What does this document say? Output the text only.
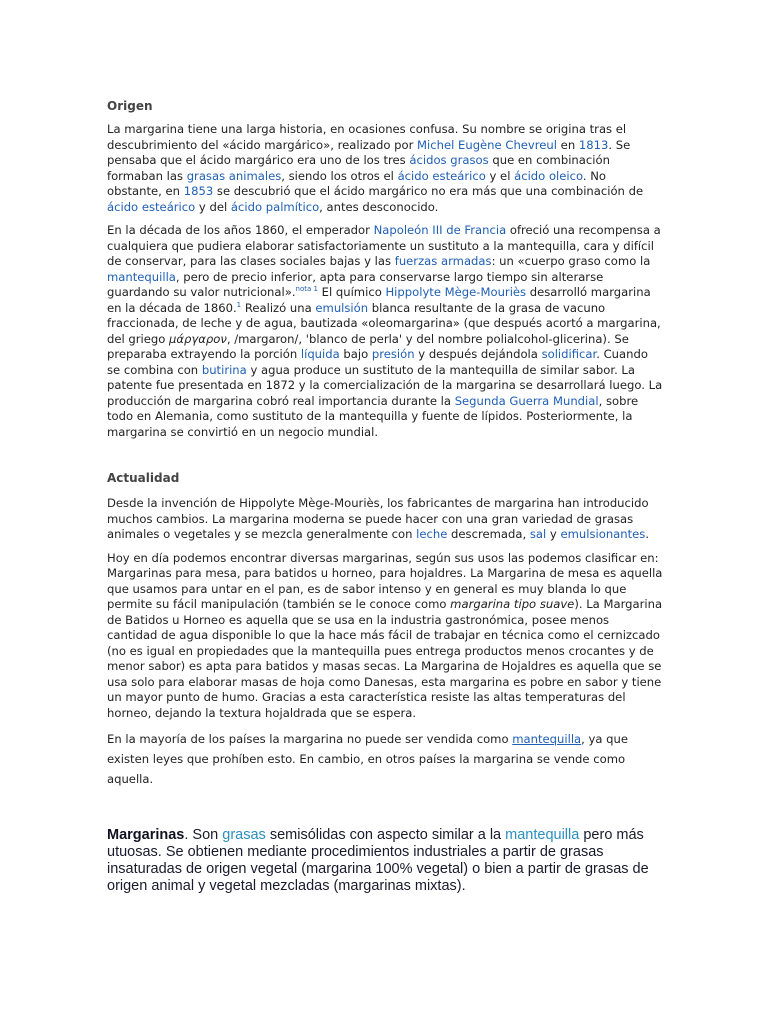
Origen

La margarina tiene una larga historia, en ocasiones confusa. Su nombre se origina tras el descubrimiento del «ácido margárico», realizado por Michel Eugène Chevreul en 1813. Se pensaba que el ácido margárico era uno de los tres ácidos grasos que en combinación formaban las grasas animales, siendo los otros el ácido esteárico y el ácido oleico. No obstante, en 1853 se descubrió que el ácido margárico no era más que una combinación de ácido esteárico y del ácido palmítico, antes desconocido.

En la década de los años 1860, el emperador Napoleón III de Francia ofreció una recompensa a cualquiera que pudiera elaborar satisfactoriamente un sustituto a la mantequilla, cara y difícil de conservar, para las clases sociales bajas y las fuerzas armadas: un «cuerpo graso como la mantequilla, pero de precio inferior, apta para conservarse largo tiempo sin alterarse guardando su valor nutricional».$^{nota 1}$ El químico Hippolyte Mège-Mouriès desarrolló margarina en la década de 1860.$^1$ Realizó una emulsión blanca resultante de la grasa de vacuno fraccionada, de leche y de agua, bautizada «oleomargarina» (que después acortó a margarina, del griego μάργαρον, /margaron/, 'blanco de perla' y del nombre polialcohol-glicerina). Se preparaba extrayendo la porción líquida bajo presión y después dejándola solidificar. Cuando se combina con butirina y agua produce un sustituto de la mantequilla de similar sabor. La patente fue presentada en 1872 y la comercialización de la margarina se desarrollará luego. La producción de margarina cobró real importancia durante la Segunda Guerra Mundial, sobre todo en Alemania, como sustituto de la mantequilla y fuente de lípidos. Posteriormente, la margarina se convirtió en un negocio mundial.

Actualidad

Desde la invención de Hippolyte Mège-Mouriès, los fabricantes de margarina han introducido muchos cambios. La margarina moderna se puede hacer con una gran variedad de grasas animales o vegetales y se mezcla generalmente con leche descremada, sal y emulsionantes.

Hoy en día podemos encontrar diversas margarinas, según sus usos las podemos clasificar en: Margarinas para mesa, para batidos u horneo, para hojaldres. La Margarina de mesa es aquella que usamos para untar en el pan, es de sabor intenso y en general es muy blanda lo que permite su fácil manipulación (también se le conoce como margarina tipo suave). La Margarina de Batidos u Horneo es aquella que se usa en la industria gastronómica, posee menos cantidad de agua disponible lo que la hace más fácil de trabajar en técnica como el cernizcado (no es igual en propiedades que la mantequilla pues entrega productos menos crocantes y de menor sabor) es apta para batidos y masas secas. La Margarina de Hojaldres es aquella que se usa solo para elaborar masas de hoja como Danesas, esta margarina es pobre en sabor y tiene un mayor punto de humo. Gracias a esta característica resiste las altas temperaturas del horneo, dejando la textura hojaldrada que se espera.

En la mayoría de los países la margarina no puede ser vendida como mantequilla, ya que existen leyes que prohíben esto. En cambio, en otros países la margarina se vende como aquella.

Margarinas. Son grasas semisólidas con aspecto similar a la mantequilla pero más utuosas. Se obtienen mediante procedimientos industriales a partir de grasas insaturadas de origen vegetal (margarina 100% vegetal) o bien a partir de grasas de origen animal y vegetal mezcladas (margarinas mixtas).
